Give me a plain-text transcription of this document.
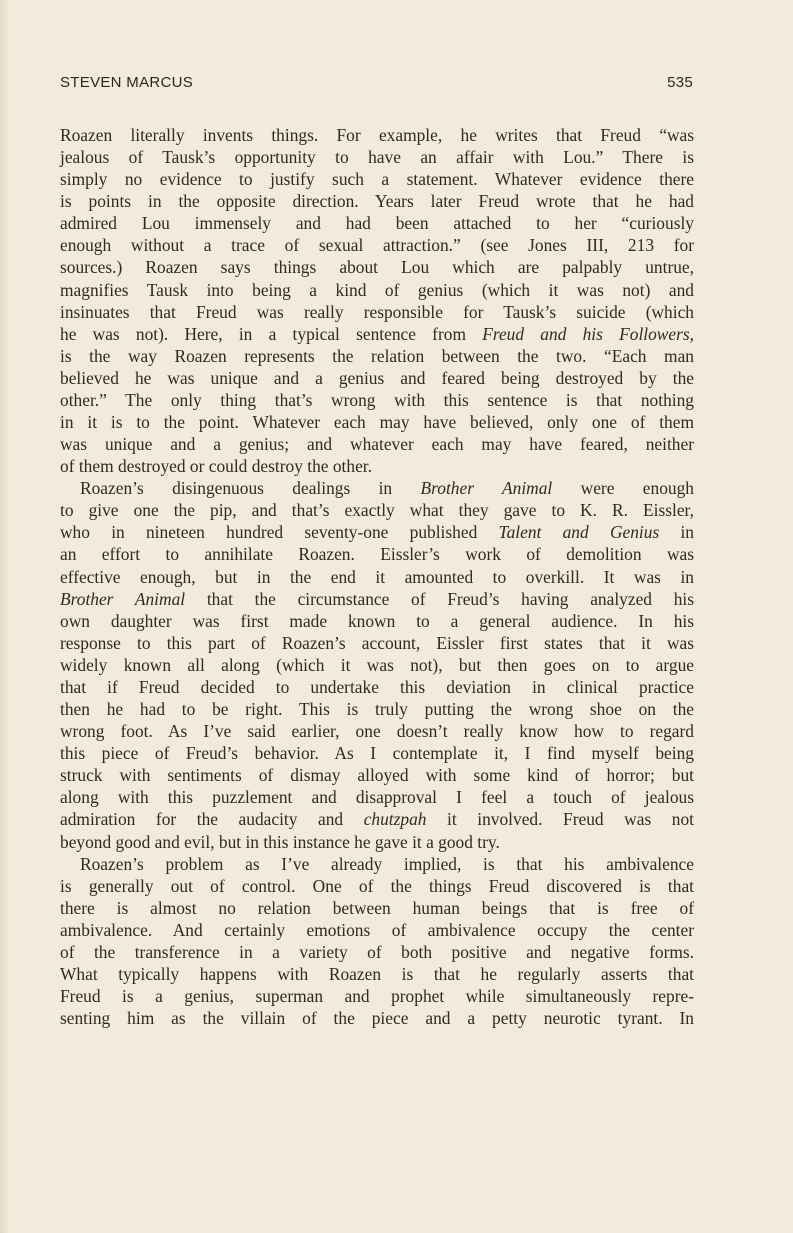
STEVEN MARCUS	535
Roazen literally invents things. For example, he writes that Freud “was
jealous of Tausk’s opportunity to have an affair with Lou.” There is
simply no evidence to justify such a statement. Whatever evidence there
is points in the opposite direction. Years later Freud wrote that he had
admired Lou immensely and had been attached to her “curiously
enough without a trace of sexual attraction.” (see Jones III, 213 for
sources.) Roazen says things about Lou which are palpably untrue,
magnifies Tausk into being a kind of genius (which it was not) and
insinuates that Freud was really responsible for Tausk’s suicide (which
he was not). Here, in a typical sentence from Freud and his Followers,
is the way Roazen represents the relation between the two. “Each man
believed he was unique and a genius and feared being destroyed by the
other.” The only thing that’s wrong with this sentence is that nothing
in it is to the point. Whatever each may have believed, only one of them
was unique and a genius; and whatever each may have feared, neither
of them destroyed or could destroy the other.
Roazen’s disingenuous dealings in Brother Animal were enough
to give one the pip, and that’s exactly what they gave to K. R. Eissler,
who in nineteen hundred seventy-one published Talent and Genius in
an effort to annihilate Roazen. Eissler’s work of demolition was
effective enough, but in the end it amounted to overkill. It was in
Brother Animal that the circumstance of Freud’s having analyzed his
own daughter was first made known to a general audience. In his
response to this part of Roazen’s account, Eissler first states that it was
widely known all along (which it was not), but then goes on to argue
that if Freud decided to undertake this deviation in clinical practice
then he had to be right. This is truly putting the wrong shoe on the
wrong foot. As I’ve said earlier, one doesn’t really know how to regard
this piece of Freud’s behavior. As I contemplate it, I find myself being
struck with sentiments of dismay alloyed with some kind of horror; but
along with this puzzlement and disapproval I feel a touch of jealous
admiration for the audacity and chutzpah it involved. Freud was not
beyond good and evil, but in this instance he gave it a good try.
Roazen’s problem as I’ve already implied, is that his ambivalence
is generally out of control. One of the things Freud discovered is that
there is almost no relation between human beings that is free of
ambivalence. And certainly emotions of ambivalence occupy the center
of the transference in a variety of both positive and negative forms.
What typically happens with Roazen is that he regularly asserts that
Freud is a genius, superman and prophet while simultaneously repre-
senting him as the villain of the piece and a petty neurotic tyrant. In
